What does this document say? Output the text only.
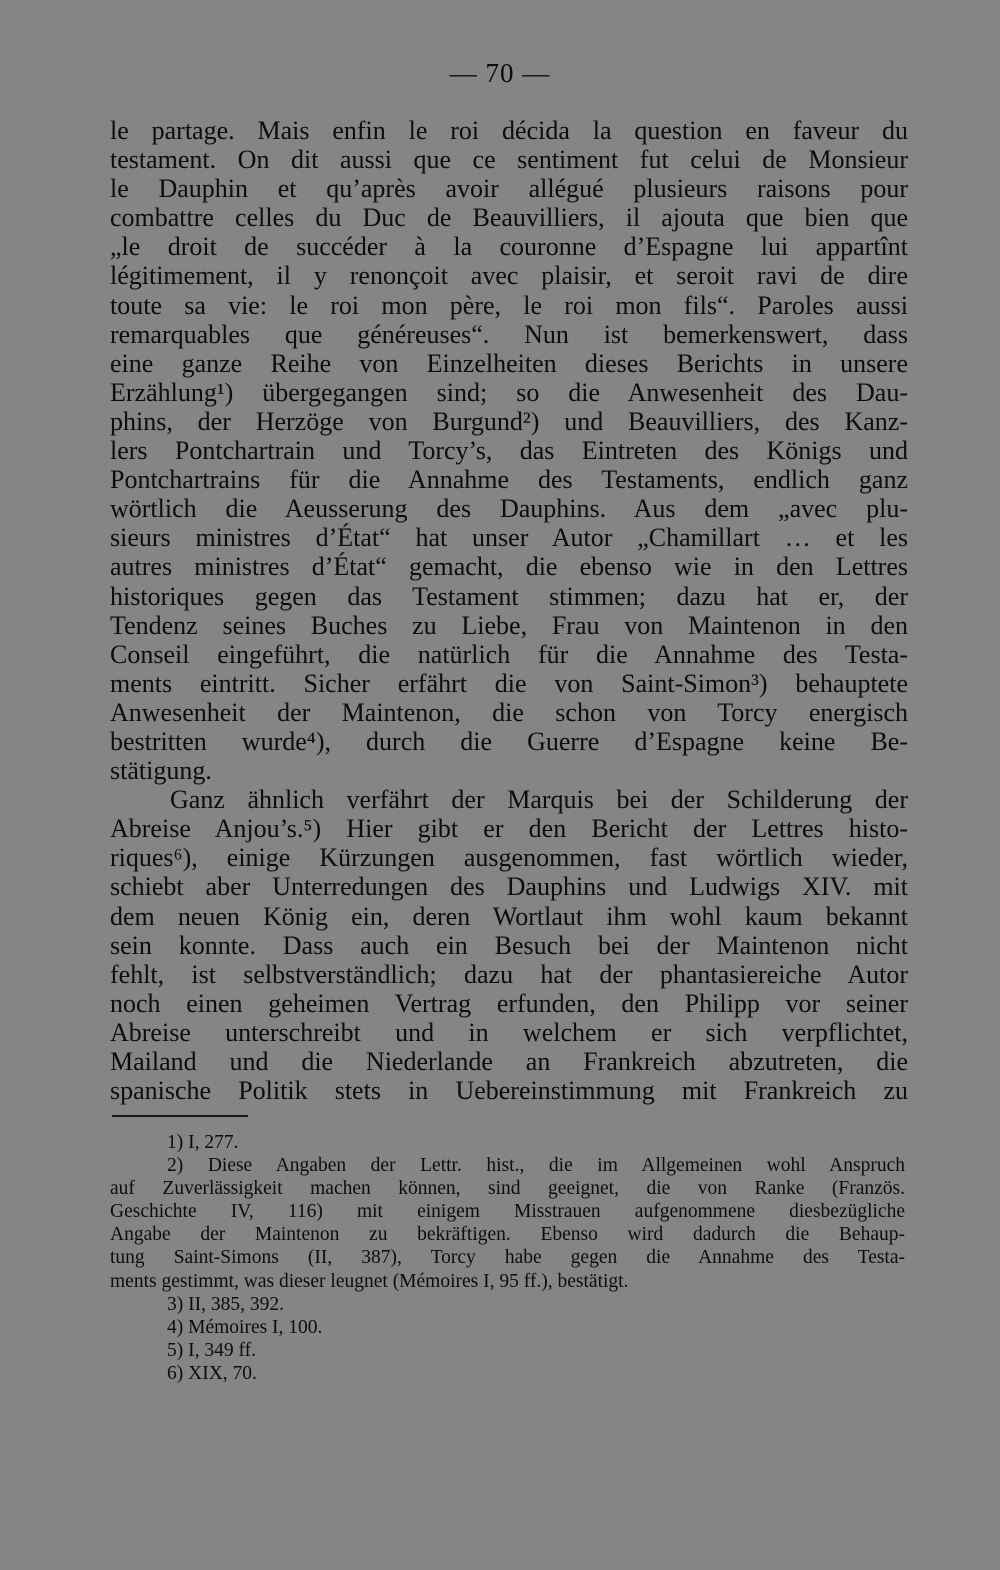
— 70 —
le partage. Mais enfin le roi décida la question en faveur du
testament. On dit aussi que ce sentiment fut celui de Monsieur
le Dauphin et qu’après avoir allégué plusieurs raisons pour
combattre celles du Duc de Beauvilliers, il ajouta que bien que
„le droit de succéder à la couronne d’Espagne lui appartînt
légitimement, il y renonçoit avec plaisir, et seroit ravi de dire
toute sa vie: le roi mon père, le roi mon fils“. Paroles aussi
remarquables que généreuses“. Nun ist bemerkenswert, dass
eine ganze Reihe von Einzelheiten dieses Berichts in unsere
Erzählung¹) übergegangen sind; so die Anwesenheit des Dau-
phins, der Herzöge von Burgund²) und Beauvilliers, des Kanz-
lers Pontchartrain und Torcy’s, das Eintreten des Königs und
Pontchartrains für die Annahme des Testaments, endlich ganz
wörtlich die Aeusserung des Dauphins. Aus dem „avec plu-
sieurs ministres d’État“ hat unser Autor „Chamillart … et les
autres ministres d’État“ gemacht, die ebenso wie in den Lettres
historiques gegen das Testament stimmen; dazu hat er, der
Tendenz seines Buches zu Liebe, Frau von Maintenon in den
Conseil eingeführt, die natürlich für die Annahme des Testa-
ments eintritt. Sicher erfährt die von Saint-Simon³) behauptete
Anwesenheit der Maintenon, die schon von Torcy energisch
bestritten wurde⁴), durch die Guerre d’Espagne keine Be-
stätigung.
Ganz ähnlich verfährt der Marquis bei der Schilderung der
Abreise Anjou’s.⁵) Hier gibt er den Bericht der Lettres histo-
riques⁶), einige Kürzungen ausgenommen, fast wörtlich wieder,
schiebt aber Unterredungen des Dauphins und Ludwigs XIV. mit
dem neuen König ein, deren Wortlaut ihm wohl kaum bekannt
sein konnte. Dass auch ein Besuch bei der Maintenon nicht
fehlt, ist selbstverständlich; dazu hat der phantasiereiche Autor
noch einen geheimen Vertrag erfunden, den Philipp vor seiner
Abreise unterschreibt und in welchem er sich verpflichtet,
Mailand und die Niederlande an Frankreich abzutreten, die
spanische Politik stets in Uebereinstimmung mit Frankreich zu
1) I, 277.
2) Diese Angaben der Lettr. hist., die im Allgemeinen wohl Anspruch
auf Zuverlässigkeit machen können, sind geeignet, die von Ranke (Französ.
Geschichte IV, 116) mit einigem Misstrauen aufgenommene diesbezügliche
Angabe der Maintenon zu bekräftigen. Ebenso wird dadurch die Behaup-
tung Saint-Simons (II, 387), Torcy habe gegen die Annahme des Testa-
ments gestimmt, was dieser leugnet (Mémoires I, 95 ff.), bestätigt.
3) II, 385, 392.
4) Mémoires I, 100.
5) I, 349 ff.
6) XIX, 70.
